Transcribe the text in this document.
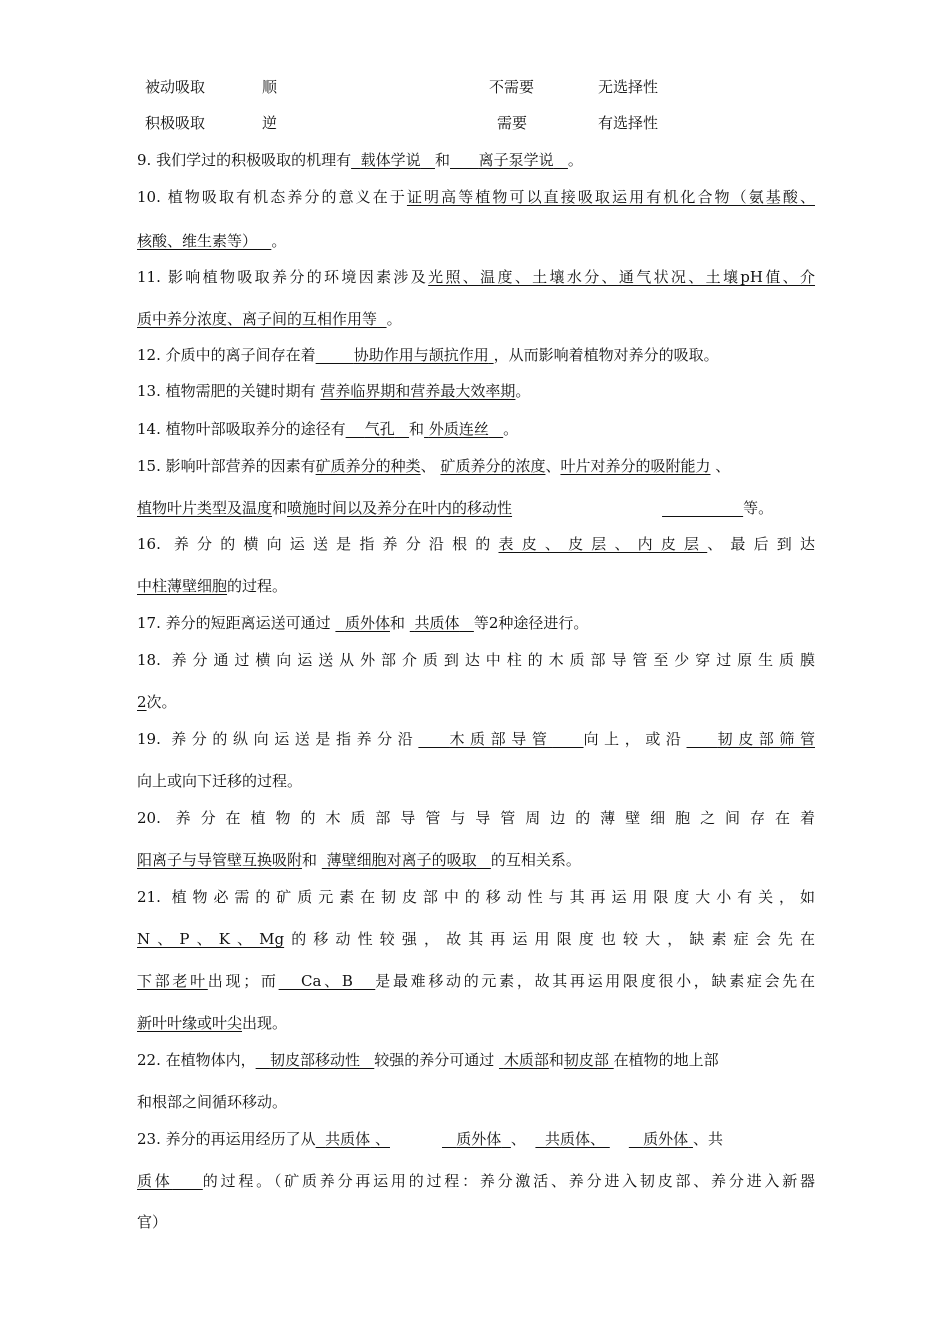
被动吸取	顺	不需要	无选择性
积极吸取	逆	需要	有选择性
9. 我们学过的积极吸取的机理有 载体学说 和 离子泵学说 。
10. 植物吸取有机态养分的意义在于证明高等植物可以直接吸取运用有机化合物（氨基酸、
核酸、维生素等） 。
11. 影响植物吸取养分的环境因素涉及光照、温度、土壤水分、通气状况、土壤pH值、介
质中养分浓度、离子间的互相作用等 。
12. 介质中的离子间存在着	协助作用与颉抗作用 ，从而影响着植物对养分的吸取。
13. 植物需肥的关键时期有 营养临界期和营养最大效率期。
14. 植物叶部吸取养分的途径有 气孔 和 外质连丝 。
15. 影响叶部营养的因素有矿质养分的种类、 矿质养分的浓度、叶片对养分的吸附能力 、
植物叶片类型及温度和喷施时间以及养分在叶内的移动性	等。
16. 养分的横向运送是指养分沿根的表皮、皮层、内皮层、最后到达
中柱薄壁细胞的过程。
17. 养分的短距离运送可通过 质外体和 共质体 等2种途径进行。
18. 养分通过横向运送从外部介质到达中柱的木质部导管至少穿过原生质膜
2次。
19. 养分的纵向运送是指养分沿 木质部导管 向上，或沿 韧皮部筛管
向上或向下迁移的过程。
20. 养分在植物的木质部导管与导管周边的薄壁细胞之间存在着
阳离子与导管壁互换吸附和 薄壁细胞对离子的吸取 的互相关系。
21. 植物必需的矿质元素在韧皮部中的移动性与其再运用限度大小有关，如
N、P、K、Mg的移动性较强，故其再运用限度也较大，缺素症会先在
下部老叶出现；而 Ca、B 是最难移动的元素，故其再运用限度很小，缺素症会先在
新叶叶缘或叶尖出现。
22. 在植物体内， 韧皮部移动性 较强的养分可通过 木质部和韧皮部 在植物的地上部
和根部之间循环移动。
23. 养分的再运用经历了从 共质体 、	质外体 、 共质体、	质外体 、共
质体 的过程。（矿质养分再运用的过程：养分激活、养分进入韧皮部、养分进入新器
官）
